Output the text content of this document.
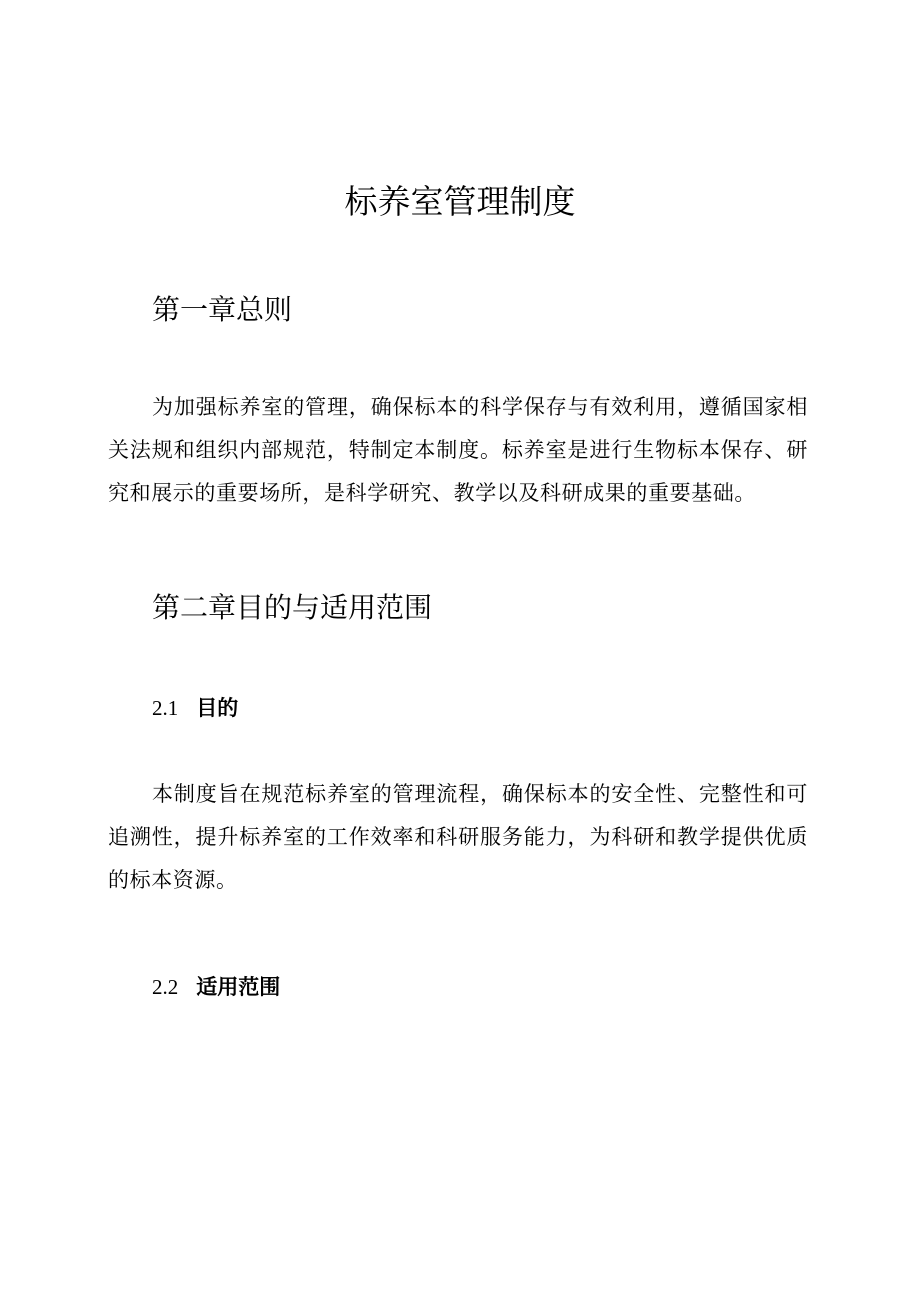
标养室管理制度
第一章总则

为加强标养室的管理，确保标本的科学保存与有效利用，遵循国家相关法规和组织内部规范，特制定本制度。标养室是进行生物标本保存、研究和展示的重要场所，是科学研究、教学以及科研成果的重要基础。

第二章目的与适用范围
2.1 目的

本制度旨在规范标养室的管理流程，确保标本的安全性、完整性和可追溯性，提升标养室的工作效率和科研服务能力，为科研和教学提供优质的标本资源。

2.2 适用范围
